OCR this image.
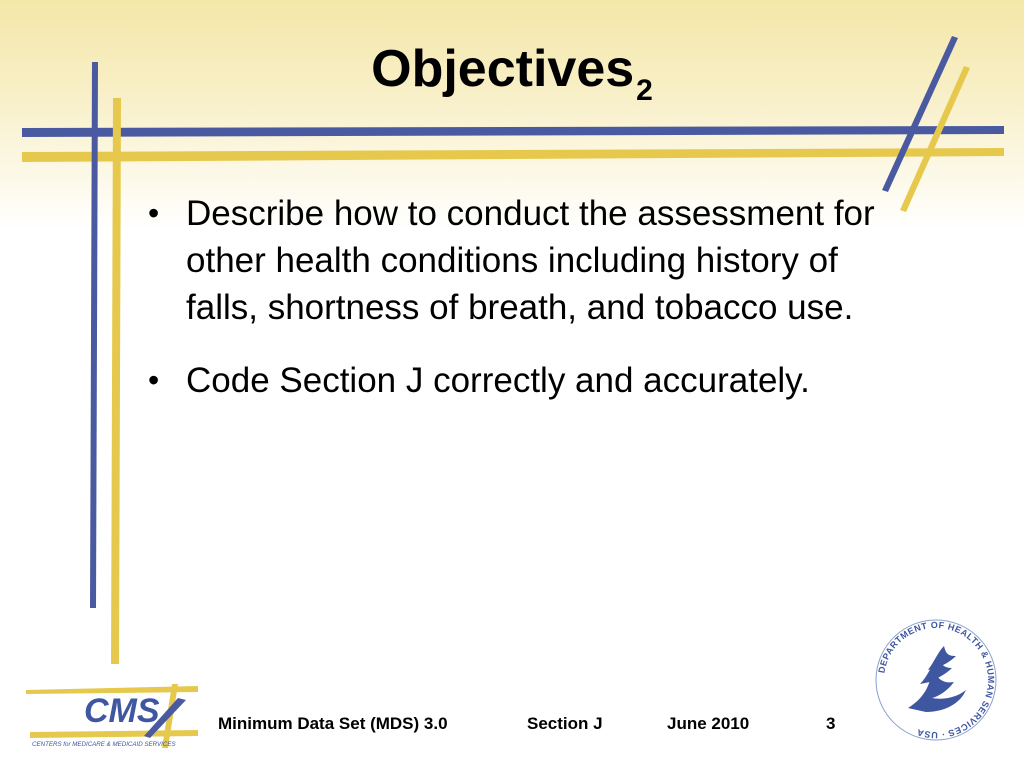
Objectives$_2$
• Describe how to conduct the assessment for other health conditions including history of falls, shortness of breath, and tobacco use.
• Code Section J correctly and accurately.
CMS
CENTERS for MEDICARE & MEDICAID SERVICES
DEPARTMENT OF HEALTH & HUMAN SERVICES · USA
Minimum Data Set (MDS) 3.0	Section J	June 2010	3
